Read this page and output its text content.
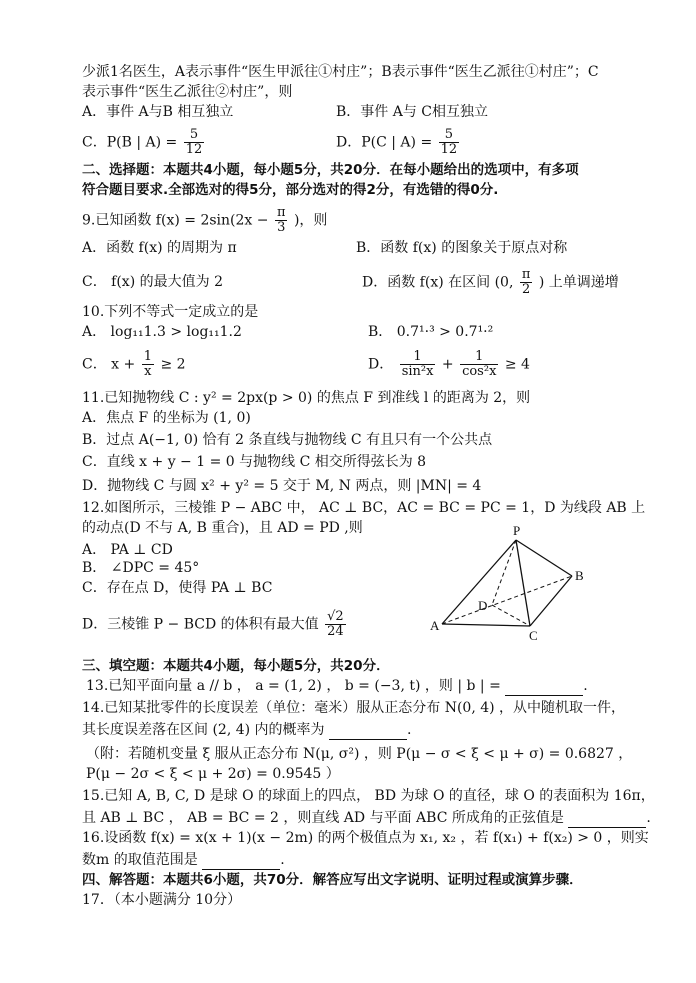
少派1名医生，A表示事件“医生甲派往①村庄”；B表示事件“医生乙派往①村庄”；C
表示事件“医生乙派往②村庄”，则
A．事件 A与B 相互独立	B．事件 A与 C相互独立
C．P(B | $A) = \frac{5}{12}$	D．P(C | $A) = \frac{5}{12}$
二、选择题：本题共4小题，每小题5分，共20分．在每小题给出的选项中，有多项
符合题目要求.全部选对的得5分，部分选对的得2分，有选错的得0分.
9.已知函数 $f(x) = 2\sin(2x - \frac{\pi}{3}$ )，则
A．函数 f(x) 的周期为 π	B．函数 f(x) 的图象关于原点对称
C． f(x) 的最大值为 2	D．函数 f(x) 在区间 (0, $\frac{\pi}{2}$ ) 上单调递增
10.下列不等式一定成立的是
A． log₁₁1.3 > log₁₁1.2	B． 0.7¹·³ > 0.7¹·²
C． $x + \frac{1}{x} \ge 2$	D． $\frac{1}{\text{sin²x}} + \frac{1}{\text{cos²x}} \ge 4$
11.已知抛物线 C : y² = 2px(p > 0) 的焦点 F 到准线 l 的距离为 2，则
A．焦点 F 的坐标为 (1, 0)
B．过点 A(−1, 0) 恰有 2 条直线与抛物线 C 有且只有一个公共点
C．直线 x + y − 1 = 0 与抛物线 C 相交所得弦长为 8
D．抛物线 C 与圆 x² + y² = 5 交于 M, N 两点，则 |MN| = 4
12.如图所示，三棱锥 P − ABC 中， AC ⊥ BC，AC = BC = PC = 1，D 为线段 AB 上
的动点(D 不与 A, B 重合)，且 AD = PD ,则
A． PA ⊥ CD
B． ∠DPC = 45°
C．存在点 D，使得 PA ⊥ BC
D．三棱锥 P − BCD 的体积有最大值 $\frac{√2}{24}$
P
B
D
A
C
三、填空题：本题共4小题，每小题5分，共20分．
13.已知平面向量 a // b ， a = (1, 2) ， b = (−3, t) ，则 | b | =	.
14.已知某批零件的长度误差（单位：毫米）服从正态分布 N(0, 4) ，从中随机取一件，
其长度误差落在区间 (2, 4) 内的概率为	.
（附：若随机变量 ξ 服从正态分布 N(μ, σ²) ，则 P(μ − σ < ξ < μ + σ) = 0.6827 ，
P(μ − 2σ < ξ < μ + 2σ) = 0.9545 ）
15.已知 A, B, C, D 是球 O 的球面上的四点， BD 为球 O 的直径，球 O 的表面积为 16π，
且 AB ⊥ BC ， AB = BC = 2 ，则直线 AD 与平面 ABC 所成角的正弦值是	.
16.设函数 f(x) = x(x + 1)(x − 2m) 的两个极值点为 x₁, x₂ ，若 f(x₁) + f(x₂) > 0 ，则实
数m 的取值范围是	.
四、解答题：本题共6小题，共70分．解答应写出文字说明、证明过程或演算步骤．
17．（本小题满分 10分）
